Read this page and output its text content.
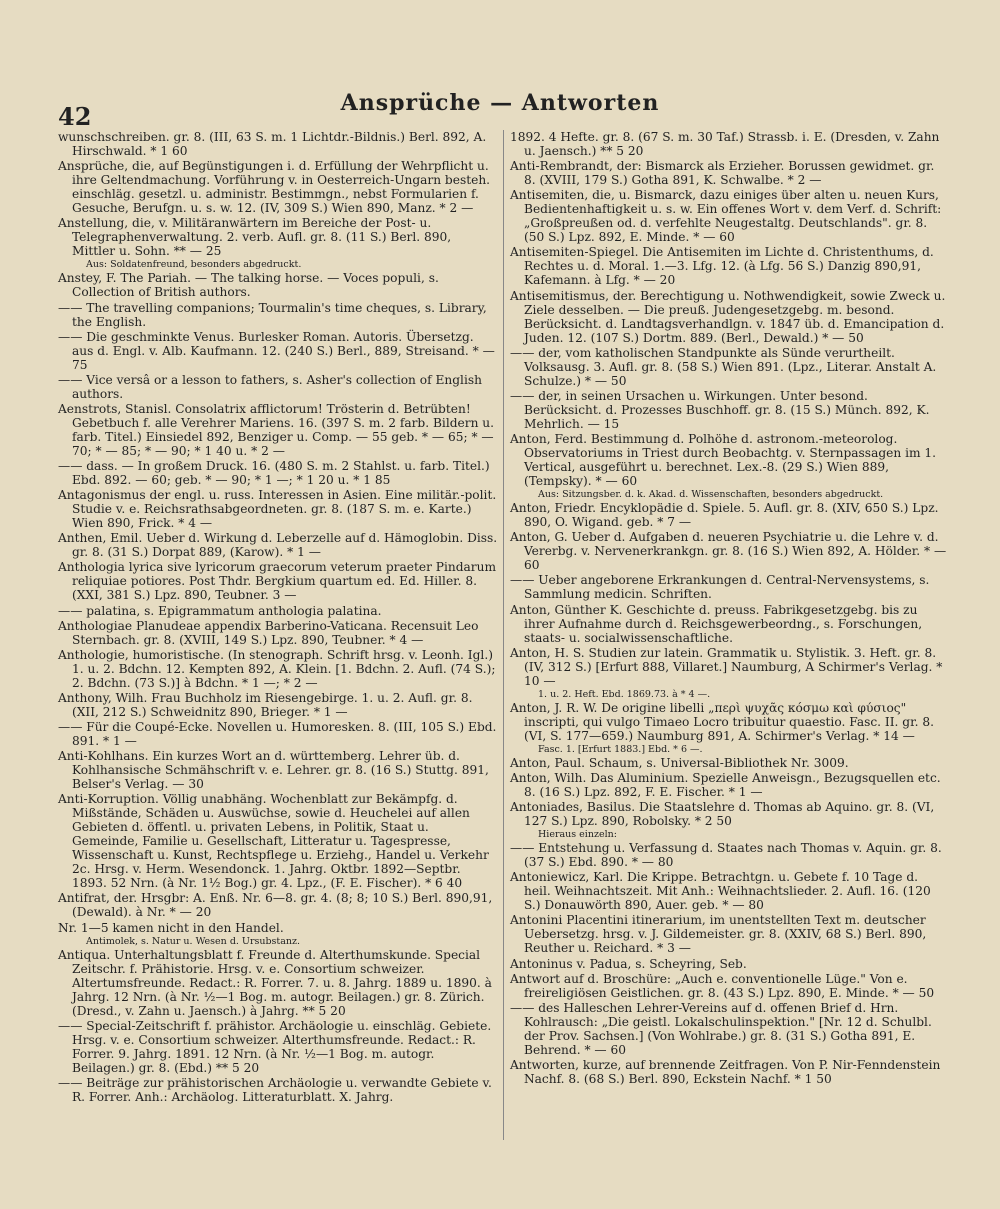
42	Ansprüche — Antworten
wunschschreiben. gr. 8. (III, 63 S. m. 1 Lichtdr.-Bildnis.) Berl. 892, A. Hirschwald. * 1 60
Ansprüche, die, auf Begünstigungen i. d. Erfüllung der Wehrpflicht u. ihre Geltendmachung. Vorführung v. in Oesterreich-Ungarn besteh. einschläg. gesetzl. u. administr. Bestimmgn., nebst Formularien f. Gesuche, Berufgn. u. s. w. 12. (IV, 309 S.) Wien 890, Manz. * 2 —
Anstellung, die, v. Militäranwärtern im Bereiche der Post- u. Telegraphenverwaltung. 2. verb. Aufl. gr. 8. (11 S.) Berl. 890, Mittler u. Sohn. ** — 25
Aus: Soldatenfreund, besonders abgedruckt.
Anstey, F. The Pariah. — The talking horse. — Voces populi, s. Collection of British authors.
—— The travelling companions; Tourmalin's time cheques, s. Library, the English.
—— Die geschminkte Venus. Burlesker Roman. Autoris. Übersetzg. aus d. Engl. v. Alb. Kaufmann. 12. (240 S.) Berl., 889, Streisand. * — 75
—— Vice versâ or a lesson to fathers, s. Asher's collection of English authors.
Aenstrots, Stanisl. Consolatrix afflictorum! Trösterin d. Betrübten! Gebetbuch f. alle Verehrer Mariens. 16. (397 S. m. 2 farb. Bildern u. farb. Titel.) Einsiedel 892, Benziger u. Comp. — 55 geb. * — 65; * — 70; * — 85; * — 90; * 1 40 u. * 2 —
—— dass. — In großem Druck. 16. (480 S. m. 2 Stahlst. u. farb. Titel.) Ebd. 892. — 60; geb. * — 90; * 1 —; * 1 20 u. * 1 85
Antagonismus der engl. u. russ. Interessen in Asien. Eine militär.-polit. Studie v. e. Reichsrathsabgeordneten. gr. 8. (187 S. m. e. Karte.) Wien 890, Frick. * 4 —
Anthen, Emil. Ueber d. Wirkung d. Leberzelle auf d. Hämoglobin. Diss. gr. 8. (31 S.) Dorpat 889, (Karow). * 1 —
Anthologia lyrica sive lyricorum graecorum veterum praeter Pindarum reliquiae potiores. Post Thdr. Bergkium quartum ed. Ed. Hiller. 8. (XXI, 381 S.) Lpz. 890, Teubner. 3 —
—— palatina, s. Epigrammatum anthologia palatina.
Anthologiae Planudeae appendix Barberino-Vaticana. Recensuit Leo Sternbach. gr. 8. (XVIII, 149 S.) Lpz. 890, Teubner. * 4 —
Anthologie, humoristische. (In stenograph. Schrift hrsg. v. Leonh. Igl.) 1. u. 2. Bdchn. 12. Kempten 892, A. Klein. [1. Bdchn. 2. Aufl. (74 S.); 2. Bdchn. (73 S.)] à Bdchn. * 1 —; * 2 —
Anthony, Wilh. Frau Buchholz im Riesengebirge. 1. u. 2. Aufl. gr. 8. (XII, 212 S.) Schweidnitz 890, Brieger. * 1 —
—— Für die Coupé-Ecke. Novellen u. Humoresken. 8. (III, 105 S.) Ebd. 891. * 1 —
Anti-Kohlhans. Ein kurzes Wort an d. württemberg. Lehrer üb. d. Kohlhansische Schmähschrift v. e. Lehrer. gr. 8. (16 S.) Stuttg. 891, Belser's Verlag. — 30
Anti-Korruption. Völlig unabhäng. Wochenblatt zur Bekämpfg. d. Mißstände, Schäden u. Auswüchse, sowie d. Heuchelei auf allen Gebieten d. öffentl. u. privaten Lebens, in Politik, Staat u. Gemeinde, Familie u. Gesellschaft, Litteratur u. Tagespresse, Wissenschaft u. Kunst, Rechtspflege u. Erziehg., Handel u. Verkehr 2c. Hrsg. v. Herm. Wesendonck. 1. Jahrg. Oktbr. 1892—Septbr. 1893. 52 Nrn. (à Nr. 1½ Bog.) gr. 4. Lpz., (F. E. Fischer). * 6 40
Antifrat, der. Hrsgbr: A. Enß. Nr. 6—8. gr. 4. (8; 8; 10 S.) Berl. 890,91, (Dewald). à Nr. * — 20
Nr. 1—5 kamen nicht in den Handel.
Antimolek, s. Natur u. Wesen d. Ursubstanz.
Antiqua. Unterhaltungsblatt f. Freunde d. Alterthumskunde. Special Zeitschr. f. Prähistorie. Hrsg. v. e. Consortium schweizer. Altertumsfreunde. Redact.: R. Forrer. 7. u. 8. Jahrg. 1889 u. 1890. à Jahrg. 12 Nrn. (à Nr. ½—1 Bog. m. autogr. Beilagen.) gr. 8. Zürich. (Dresd., v. Zahn u. Jaensch.) à Jahrg. ** 5 20
—— Special-Zeitschrift f. prähistor. Archäologie u. einschläg. Gebiete. Hrsg. v. e. Consortium schweizer. Alterthumsfreunde. Redact.: R. Forrer. 9. Jahrg. 1891. 12 Nrn. (à Nr. ½—1 Bog. m. autogr. Beilagen.) gr. 8. (Ebd.) ** 5 20
—— Beiträge zur prähistorischen Archäologie u. verwandte Gebiete v. R. Forrer. Anh.: Archäolog. Litteraturblatt. X. Jahrg.
1892. 4 Hefte. gr. 8. (67 S. m. 30 Taf.) Strassb. i. E. (Dresden, v. Zahn u. Jaensch.) ** 5 20
Anti-Rembrandt, der: Bismarck als Erzieher. Borussen gewidmet. gr. 8. (XVIII, 179 S.) Gotha 891, K. Schwalbe. * 2 —
Antisemiten, die, u. Bismarck, dazu einiges über alten u. neuen Kurs, Bedientenhaftigkeit u. s. w. Ein offenes Wort v. dem Verf. d. Schrift: „Großpreußen od. d. verfehlte Neugestaltg. Deutschlands". gr. 8. (50 S.) Lpz. 892, E. Minde. * — 60
Antisemiten-Spiegel. Die Antisemiten im Lichte d. Christenthums, d. Rechtes u. d. Moral. 1.—3. Lfg. 12. (à Lfg. 56 S.) Danzig 890,91, Kafemann. à Lfg. * — 20
Antisemitismus, der. Berechtigung u. Nothwendigkeit, sowie Zweck u. Ziele desselben. — Die preuß. Judengesetzgebg. m. besond. Berücksicht. d. Landtagsverhandlgn. v. 1847 üb. d. Emancipation d. Juden. 12. (107 S.) Dortm. 889. (Berl., Dewald.) * — 50
—— der, vom katholischen Standpunkte als Sünde verurtheilt. Volksausg. 3. Aufl. gr. 8. (58 S.) Wien 891. (Lpz., Literar. Anstalt A. Schulze.) * — 50
—— der, in seinen Ursachen u. Wirkungen. Unter besond. Berücksicht. d. Prozesses Buschhoff. gr. 8. (15 S.) Münch. 892, K. Mehrlich. — 15
Anton, Ferd. Bestimmung d. Polhöhe d. astronom.-meteorolog. Observatoriums in Triest durch Beobachtg. v. Sternpassagen im 1. Vertical, ausgeführt u. berechnet. Lex.-8. (29 S.) Wien 889, (Tempsky). * — 60
Aus: Sitzungsber. d. k. Akad. d. Wissenschaften, besonders abgedruckt.
Anton, Friedr. Encyklopädie d. Spiele. 5. Aufl. gr. 8. (XIV, 650 S.) Lpz. 890, O. Wigand. geb. * 7 —
Anton, G. Ueber d. Aufgaben d. neueren Psychiatrie u. die Lehre v. d. Vererbg. v. Nervenerkrankgn. gr. 8. (16 S.) Wien 892, A. Hölder. * — 60
—— Ueber angeborene Erkrankungen d. Central-Nervensystems, s. Sammlung medicin. Schriften.
Anton, Günther K. Geschichte d. preuss. Fabrikgesetzgebg. bis zu ihrer Aufnahme durch d. Reichsgewerbeordng., s. Forschungen, staats- u. socialwissenschaftliche.
Anton, H. S. Studien zur latein. Grammatik u. Stylistik. 3. Heft. gr. 8. (IV, 312 S.) [Erfurt 888, Villaret.] Naumburg, A Schirmer's Verlag. * 10 —
1. u. 2. Heft. Ebd. 1869.73. à * 4 —.
Anton, J. R. W. De origine libelli „περὶ ψυχᾶς κόσμω καὶ φύσιος" inscripti, qui vulgo Timaeo Locro tribuitur quaestio. Fasc. II. gr. 8. (VI, S. 177—659.) Naumburg 891, A. Schirmer's Verlag. * 14 —
Fasc. 1. [Erfurt 1883.] Ebd. * 6 —.
Anton, Paul. Schaum, s. Universal-Bibliothek Nr. 3009.
Anton, Wilh. Das Aluminium. Spezielle Anweisgn., Bezugsquellen etc. 8. (16 S.) Lpz. 892, F. E. Fischer. * 1 —
Antoniades, Basilus. Die Staatslehre d. Thomas ab Aquino. gr. 8. (VI, 127 S.) Lpz. 890, Robolsky. * 2 50
Hieraus einzeln:
—— Entstehung u. Verfassung d. Staates nach Thomas v. Aquin. gr. 8. (37 S.) Ebd. 890. * — 80
Antoniewicz, Karl. Die Krippe. Betrachtgn. u. Gebete f. 10 Tage d. heil. Weihnachtszeit. Mit Anh.: Weihnachtslieder. 2. Aufl. 16. (120 S.) Donauwörth 890, Auer. geb. * — 80
Antonini Placentini itinerarium, im unentstellten Text m. deutscher Uebersetzg. hrsg. v. J. Gildemeister. gr. 8. (XXIV, 68 S.) Berl. 890, Reuther u. Reichard. * 3 —
Antoninus v. Padua, s. Scheyring, Seb.
Antwort auf d. Broschüre: „Auch e. conventionelle Lüge." Von e. freireligiösen Geistlichen. gr. 8. (43 S.) Lpz. 890, E. Minde. * — 50
—— des Halleschen Lehrer-Vereins auf d. offenen Brief d. Hrn. Kohlrausch: „Die geistl. Lokalschulinspektion." [Nr. 12 d. Schulbl. der Prov. Sachsen.] (Von Wohlrabe.) gr. 8. (31 S.) Gotha 891, E. Behrend. * — 60
Antworten, kurze, auf brennende Zeitfragen. Von P. Nir-Fenndenstein Nachf. 8. (68 S.) Berl. 890, Eckstein Nachf. * 1 50
